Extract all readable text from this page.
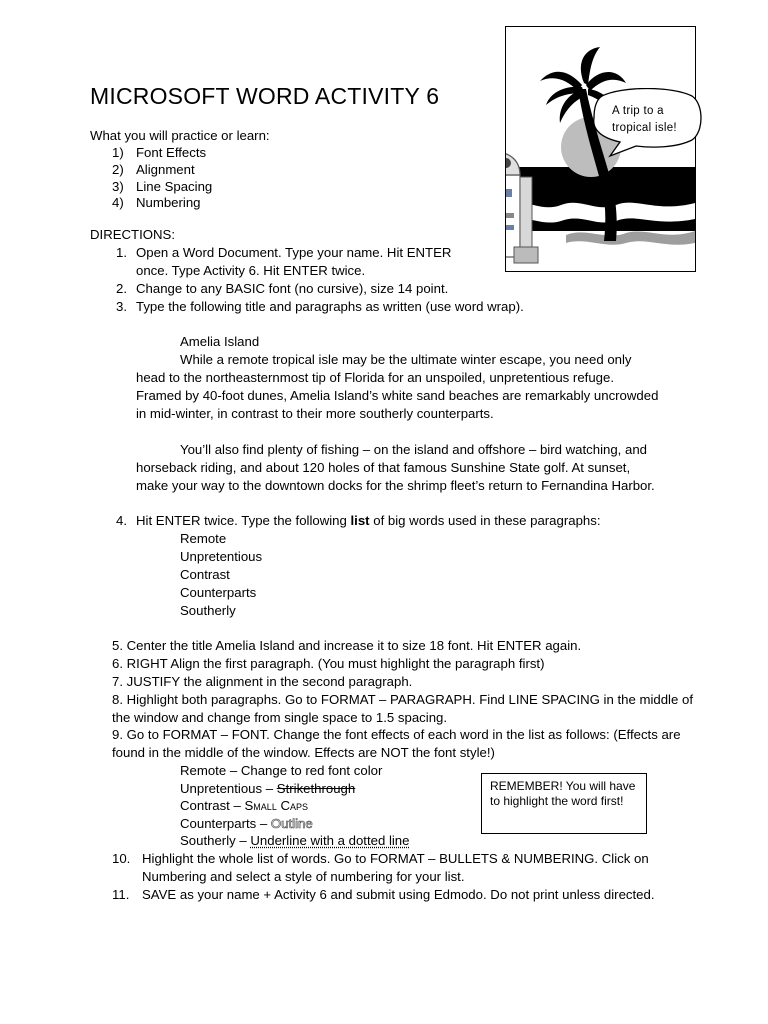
MICROSOFT WORD ACTIVITY 6
What you will practice or learn:
1) Font Effects
2) Alignment
3) Line Spacing
4) Numbering
DIRECTIONS:
1. Open a Word Document. Type your name. Hit ENTER
once. Type Activity 6. Hit ENTER twice.
2. Change to any BASIC font (no cursive), size 14 point.
3. Type the following title and paragraphs as written (use word wrap).
Amelia Island
While a remote tropical isle may be the ultimate winter escape, you need only
head to the northeasternmost tip of Florida for an unspoiled, unpretentious refuge.
Framed by 40-foot dunes, Amelia Island’s white sand beaches are remarkably uncrowded
in mid-winter, in contrast to their more southerly counterparts.
You’ll also find plenty of fishing – on the island and offshore – bird watching, and
horseback riding, and about 120 holes of that famous Sunshine State golf. At sunset,
make your way to the downtown docks for the shrimp fleet’s return to Fernandina Harbor.
4. Hit ENTER twice. Type the following list of big words used in these paragraphs:
Remote
Unpretentious
Contrast
Counterparts
Southerly
5. Center the title Amelia Island and increase it to size 18 font. Hit ENTER again.
6. RIGHT Align the first paragraph. (You must highlight the paragraph first)
7. JUSTIFY the alignment in the second paragraph.
8. Highlight both paragraphs. Go to FORMAT – PARAGRAPH. Find LINE SPACING in the middle of
the window and change from single space to 1.5 spacing.
9. Go to FORMAT – FONT. Change the font effects of each word in the list as follows: (Effects are
found in the middle of the window. Effects are NOT the font style!)
Remote – Change to red font color
Unpretentious – Strikethrough
Contrast – Small Caps
Counterparts – Outline
Southerly – Underline with a dotted line
10. Highlight the whole list of words. Go to FORMAT – BULLETS & NUMBERING. Click on
Numbering and select a style of numbering for your list.
11. SAVE as your name + Activity 6 and submit using Edmodo. Do not print unless directed.
A trip to a tropical isle!
REMEMBER! You will have to highlight the word first!
